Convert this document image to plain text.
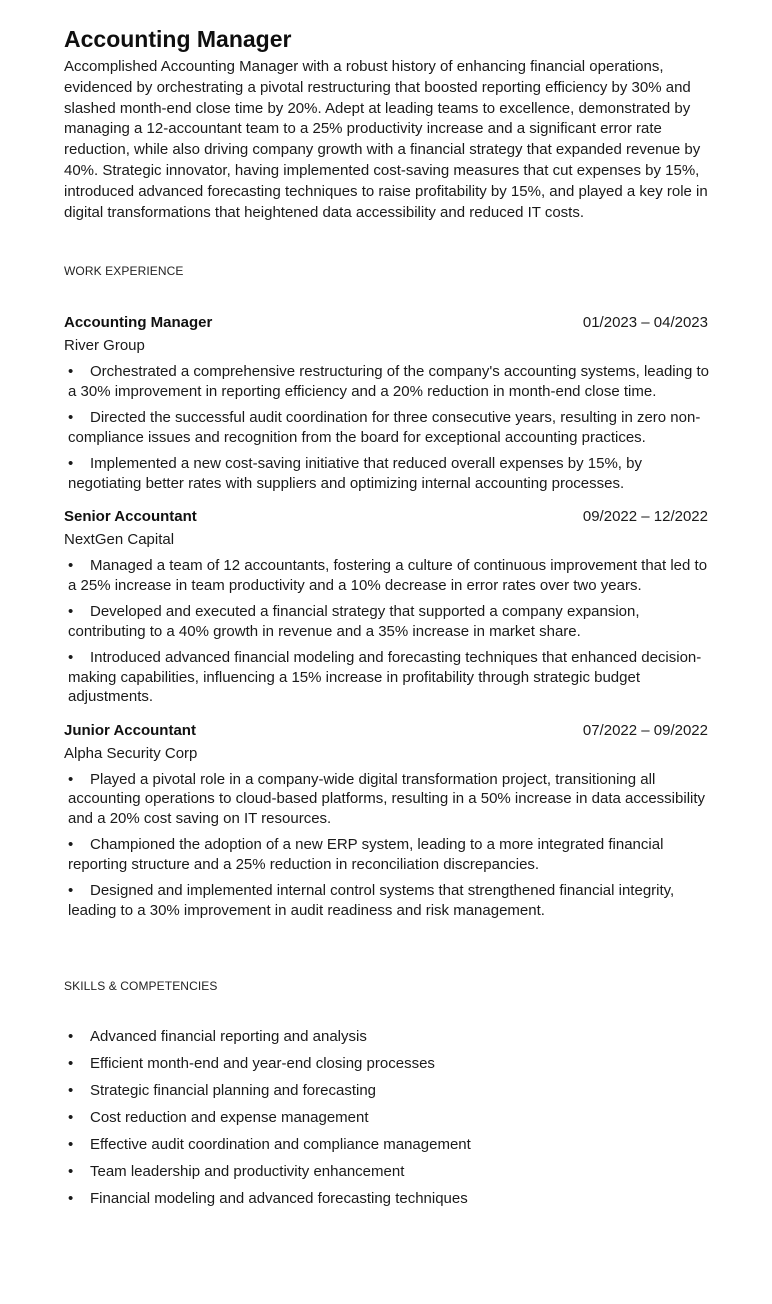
Accounting Manager

Accomplished Accounting Manager with a robust history of enhancing financial operations, evidenced by orchestrating a pivotal restructuring that boosted reporting efficiency by 30% and slashed month-end close time by 20%. Adept at leading teams to excellence, demonstrated by managing a 12-accountant team to a 25% productivity increase and a significant error rate reduction, while also driving company growth with a financial strategy that expanded revenue by 40%. Strategic innovator, having implemented cost-saving measures that cut expenses by 15%, introduced advanced forecasting techniques to raise profitability by 15%, and played a key role in digital transformations that heightened data accessibility and reduced IT costs.

WORK EXPERIENCE
Accounting Manager	01/2023 – 04/2023
River Group
• Orchestrated a comprehensive restructuring of the company's accounting systems, leading to a 30% improvement in reporting efficiency and a 20% reduction in month-end close time.
• Directed the successful audit coordination for three consecutive years, resulting in zero non-compliance issues and recognition from the board for exceptional accounting practices.
• Implemented a new cost-saving initiative that reduced overall expenses by 15%, by negotiating better rates with suppliers and optimizing internal accounting processes.
Senior Accountant	09/2022 – 12/2022
NextGen Capital
• Managed a team of 12 accountants, fostering a culture of continuous improvement that led to a 25% increase in team productivity and a 10% decrease in error rates over two years.
• Developed and executed a financial strategy that supported a company expansion, contributing to a 40% growth in revenue and a 35% increase in market share.
• Introduced advanced financial modeling and forecasting techniques that enhanced decision-making capabilities, influencing a 15% increase in profitability through strategic budget adjustments.
Junior Accountant	07/2022 – 09/2022
Alpha Security Corp
• Played a pivotal role in a company-wide digital transformation project, transitioning all accounting operations to cloud-based platforms, resulting in a 50% increase in data accessibility and a 20% cost saving on IT resources.
• Championed the adoption of a new ERP system, leading to a more integrated financial reporting structure and a 25% reduction in reconciliation discrepancies.
• Designed and implemented internal control systems that strengthened financial integrity, leading to a 30% improvement in audit readiness and risk management.
SKILLS & COMPETENCIES
• Advanced financial reporting and analysis
• Efficient month-end and year-end closing processes
• Strategic financial planning and forecasting
• Cost reduction and expense management
• Effective audit coordination and compliance management
• Team leadership and productivity enhancement
• Financial modeling and advanced forecasting techniques
